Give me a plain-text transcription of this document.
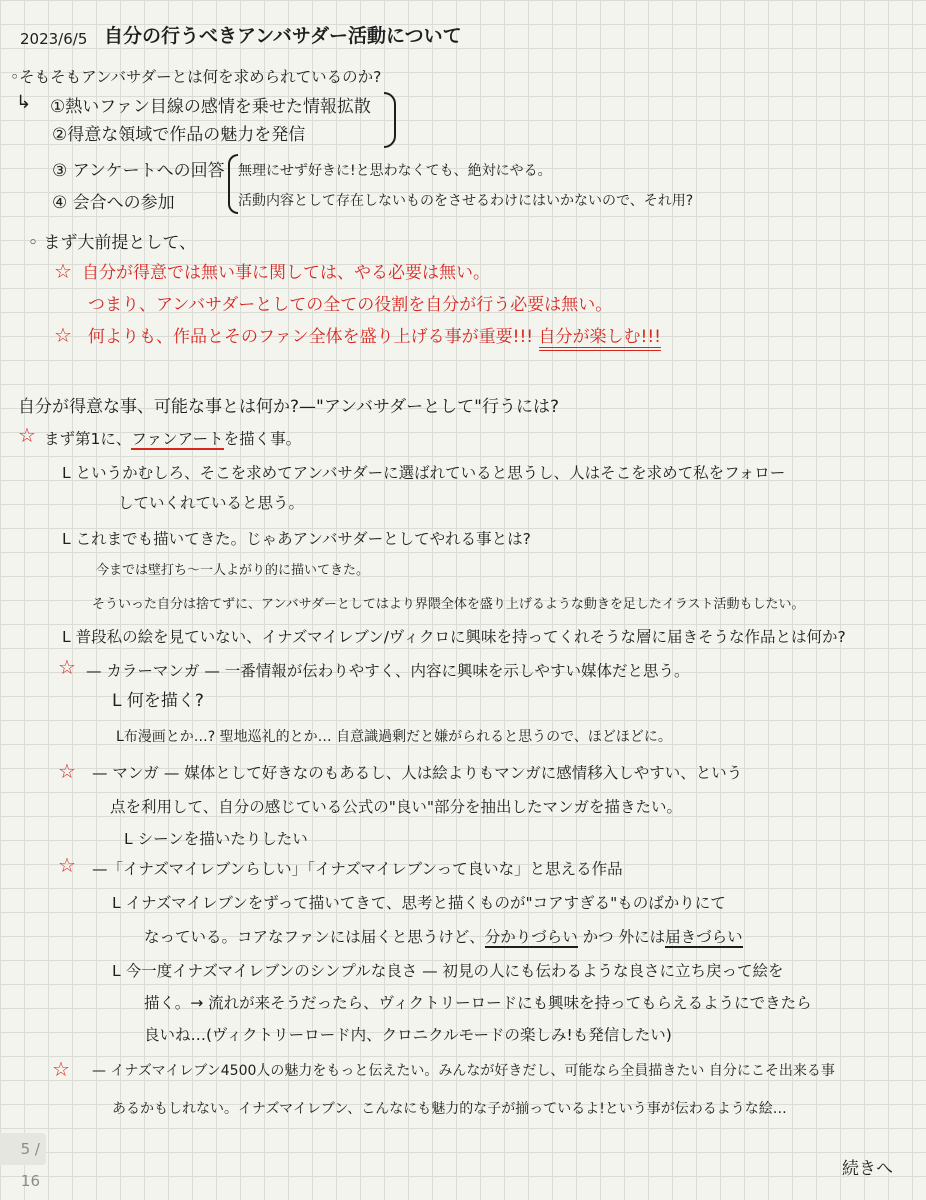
2023/6/5 自分の行うべきアンバサダー活動について
◦そもそもアンバサダーとは何を求められているのか?
↳ ①熱いファン目線の感情を乗せた情報拡散
②得意な領域で作品の魅力を発信
③ アンケートへの回答
④ 会合への参加
無理にせず好きに!と思わなくても、絶対にやる。
活動内容として存在しないものをさせるわけにはいかないので、それ用?
◦ まず大前提として、
☆ 自分が得意では無い事に関しては、やる必要は無い。
つまり、アンバサダーとしての全ての役割を自分が行う必要は無い。
☆ 何よりも、作品とそのファン全体を盛り上げる事が重要!!! 自分が楽しむ!!!
自分が得意な事、可能な事とは何か?—"アンバサダーとして"行うには?
☆ まず第1に、ファンアートを描く事。
L というかむしろ、そこを求めてアンバサダーに選ばれていると思うし、人はそこを求めて私をフォロー
していくれていると思う。
L これまでも描いてきた。じゃあアンバサダーとしてやれる事とは?
今までは壁打ち〜一人よがり的に描いてきた。
そういった自分は捨てずに、アンバサダーとしてはより界隈全体を盛り上げるような動きを足したイラスト活動もしたい。
L 普段私の絵を見ていない、イナズマイレブン/ヴィクロに興味を持ってくれそうな層に届きそうな作品とは何か?
☆ — カラーマンガ — 一番情報が伝わりやすく、内容に興味を示しやすい媒体だと思う。
L 何を描く?
L布漫画とか…? 聖地巡礼的とか… 自意識過剰だと嫌がられると思うので、ほどほどに。
☆ — マンガ — 媒体として好きなのもあるし、人は絵よりもマンガに感情移入しやすい、という
点を利用して、自分の感じている公式の"良い"部分を抽出したマンガを描きたい。
L シーンを描いたりしたい
☆ —「イナズマイレブンらしい」「イナズマイレブンって良いな」と思える作品
L イナズマイレブンをずって描いてきて、思考と描くものが"コアすぎる"ものばかりにて
なっている。コアなファンには届くと思うけど、分かりづらい かつ 外には届きづらい
L 今一度イナズマイレブンのシンプルな良さ — 初見の人にも伝わるような良さに立ち戻って絵を
描く。→ 流れが来そうだったら、ヴィクトリーロードにも興味を持ってもらえるようにできたら
良いね…(ヴィクトリーロード内、クロニクルモードの楽しみ!も発信したい)
☆ — イナズマイレブン4500人の魅力をもっと伝えたい。みんなが好きだし、可能なら全員描きたい 自分にこそ出来る事
あるかもしれない。イナズマイレブン、こんなにも魅力的な子が揃っているよ!という事が伝わるような絵…
5 / 16
続きへ
